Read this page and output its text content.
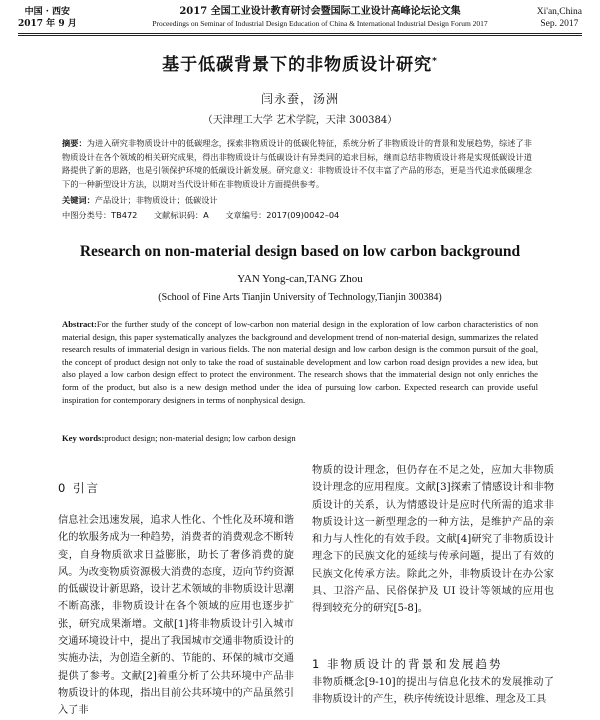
中国 · 西安
2017 年 9 月
2017 全国工业设计教育研讨会暨国际工业设计高峰论坛论文集
Proceedings on Seminar of Industrial Design Education of China & International Industrial Design Forum 2017
Xi'an,China
Sep. 2017
基于低碳背景下的非物质设计研究*
闫永蚕，汤洲
（天津理工大学 艺术学院，天津 300384）
摘要：为进入研究非物质设计中的低碳理念，探索非物质设计的低碳化特征，系统分析了非物质设计的背景和发展趋势，综述了非物质设计在各个领域的相关研究成果，得出非物质设计与低碳设计有异类同的追求目标，继而总结非物质设计将是实现低碳设计道路提供了新的思路，也是引领保护环境的低碳设计新发展。研究意义：非物质设计不仅丰富了产品的形态，更是当代追求低碳理念下的一种新型设计方法，以期对当代设计师在非物质设计方面提供参考。
关键词：产品设计；非物质设计；低碳设计
中图分类号：TB472 文献标识码：A 文章编号：2017(09)0042–04
Research on non-material design based on low carbon background
YAN Yong-can,TANG Zhou
(School of Fine Arts Tianjin University of Technology,Tianjin 300384)
Abstract:For the further study of the concept of low-carbon non material design in the exploration of low carbon characteristics of non material design, this paper systematically analyzes the background and development trend of non-material design, summarizes the related research results of immaterial design in various fields. The non material design and low carbon design is the common pursuit of the goal, the concept of product design not only to take the road of sustainable development and low carbon road design provides a new idea, but also played a low carbon design effect to protect the environment. The research shows that the immaterial design not only enriches the form of the product, but also is a new design method under the idea of pursuing low carbon. Expected research can provide useful inspiration for contemporary designers in terms of nonphysical design.
Key words:product design; non-material design; low carbon design
0 引言
信息社会迅速发展，追求人性化、个性化及环境和谐化的软服务成为一种趋势，消费者的消费观念不断转变，自身物质欲求日益膨胀，助长了奢侈消费的旋风。为改变物质资源极大消费的态度，迈向节约资源的低碳设计新思路，设计艺术领域的非物质设计思潮不断高涨，非物质设计在各个领域的应用也逐步扩张，研究成果渐增。文献[1]将非物质设计引入城市交通环境设计中，提出了我国城市交通非物质设计的实施办法，为创造全新的、节能的、环保的城市交通提供了参考。文献[2]着重分析了公共环境中产品非物质设计的体现，指出目前公共环境中的产品虽然引入了非
物质的设计理念，但仍存在不足之处，应加大非物质设计理念的应用程度。文献[3]探索了情感设计和非物质设计的关系，认为情感设计是应时代所需的追求非物质设计这一新型理念的一种方法，是维护产品的亲和力与人性化的有效手段。文献[4]研究了非物质设计理念下的民族文化的延续与传承问题，提出了有效的民族文化传承方法。除此之外，非物质设计在办公家具、卫浴产品、民俗保护及 UI 设计等领域的应用也得到较充分的研究[5-8]。
1 非物质设计的背景和发展趋势
非物质概念[9-10]的提出与信息化技术的发展推动了非物质设计的产生，秩序传统设计思维、理念及工具
